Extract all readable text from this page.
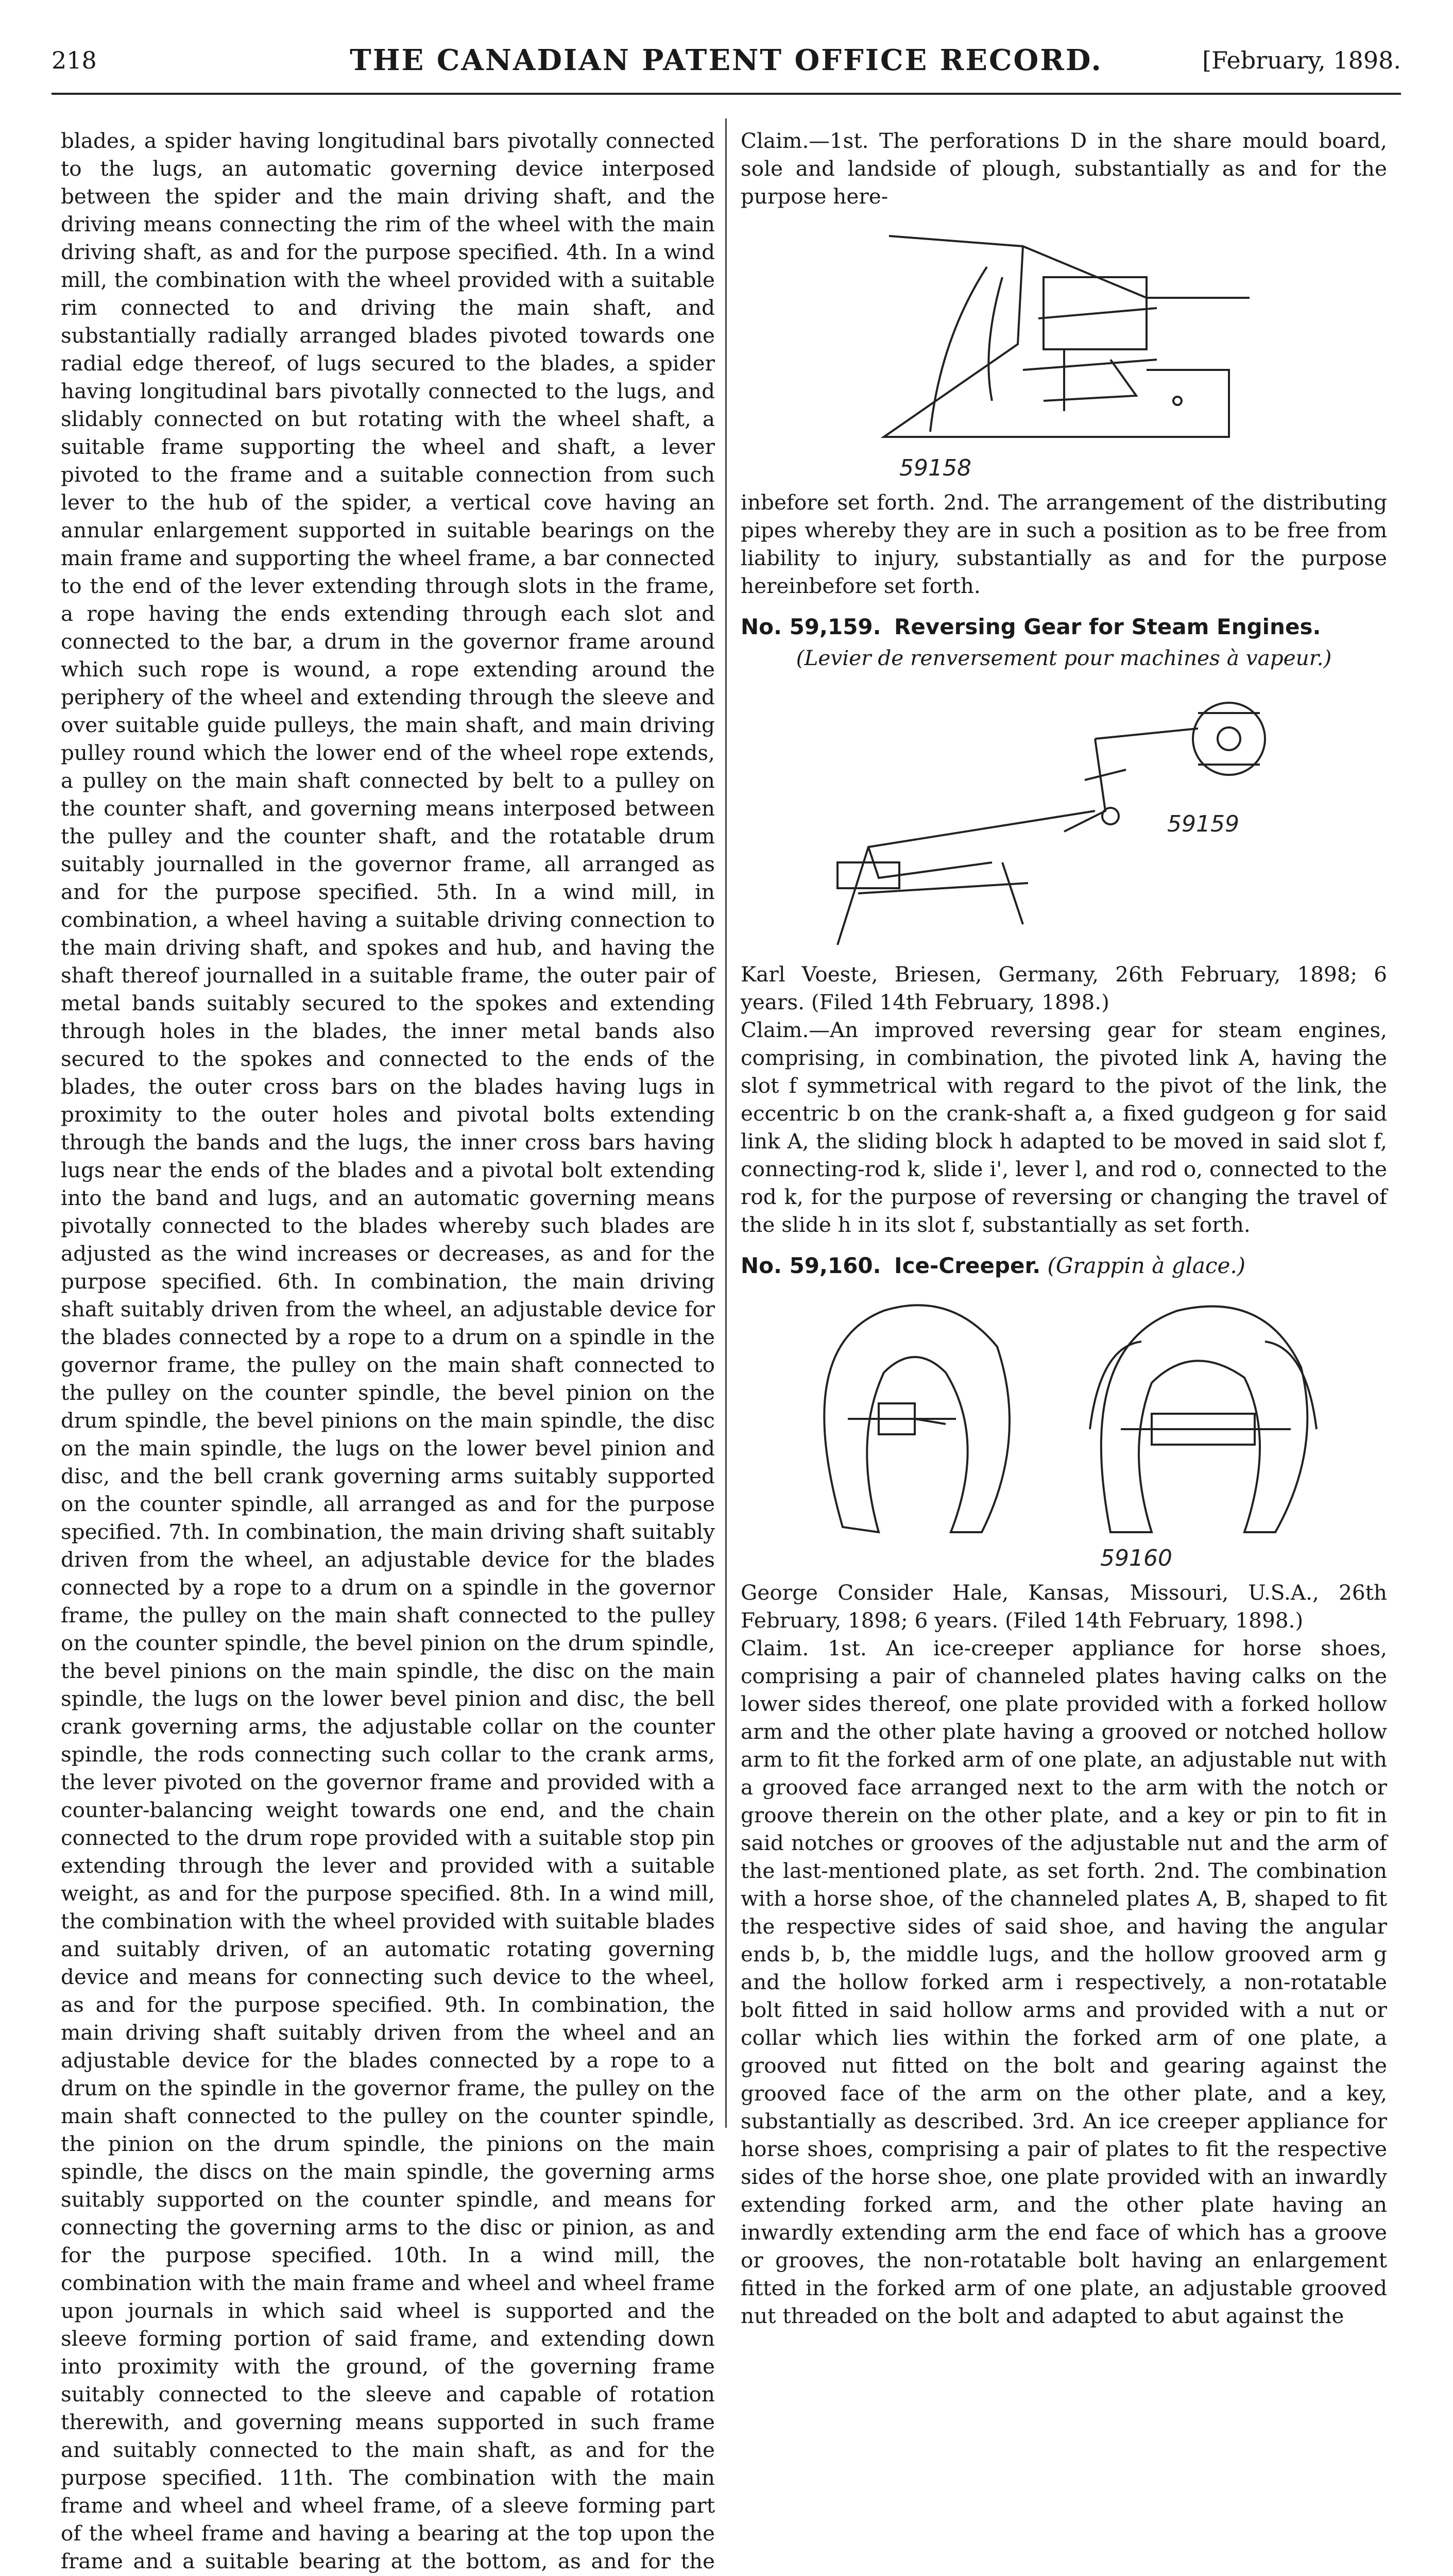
218	THE CANADIAN PATENT OFFICE RECORD.	[February, 1898.

blades, a spider having longitudinal bars pivotally connected to the lugs, an automatic governing device interposed between the spider and the main driving shaft, and the driving means connecting the rim of the wheel with the main driving shaft, as and for the purpose specified. 4th. In a wind mill, the combination with the wheel provided with a suitable rim connected to and driving the main shaft, and substantially radially arranged blades pivoted towards one radial edge thereof, of lugs secured to the blades, a spider having longitudinal bars pivotally connected to the lugs, and slidably connected on but rotating with the wheel shaft, a suitable frame supporting the wheel and shaft, a lever pivoted to the frame and a suitable connection from such lever to the hub of the spider, a vertical cove having an annular enlargement supported in suitable bearings on the main frame and supporting the wheel frame, a bar connected to the end of the lever extending through slots in the frame, a rope having the ends extending through each slot and connected to the bar, a drum in the governor frame around which such rope is wound, a rope extending around the periphery of the wheel and extending through the sleeve and over suitable guide pulleys, the main shaft, and main driving pulley round which the lower end of the wheel rope extends, a pulley on the main shaft connected by belt to a pulley on the counter shaft, and governing means interposed between the pulley and the counter shaft, and the rotatable drum suitably journalled in the governor frame, all arranged as and for the purpose specified. 5th. In a wind mill, in combination, a wheel having a suitable driving connection to the main driving shaft, and spokes and hub, and having the shaft thereof journalled in a suitable frame, the outer pair of metal bands suitably secured to the spokes and extending through holes in the blades, the inner metal bands also secured to the spokes and connected to the ends of the blades, the outer cross bars on the blades having lugs in proximity to the outer holes and pivotal bolts extending through the bands and the lugs, the inner cross bars having lugs near the ends of the blades and a pivotal bolt extending into the band and lugs, and an automatic governing means pivotally connected to the blades whereby such blades are adjusted as the wind increases or decreases, as and for the purpose specified. 6th. In combination, the main driving shaft suitably driven from the wheel, an adjustable device for the blades connected by a rope to a drum on a spindle in the governor frame, the pulley on the main shaft connected to the pulley on the counter spindle, the bevel pinion on the drum spindle, the bevel pinions on the main spindle, the disc on the main spindle, the lugs on the lower bevel pinion and disc, and the bell crank governing arms suitably supported on the counter spindle, all arranged as and for the purpose specified. 7th. In combination, the main driving shaft suitably driven from the wheel, an adjustable device for the blades connected by a rope to a drum on a spindle in the governor frame, the pulley on the main shaft connected to the pulley on the counter spindle, the bevel pinion on the drum spindle, the bevel pinions on the main spindle, the disc on the main spindle, the lugs on the lower bevel pinion and disc, the bell crank governing arms, the adjustable collar on the counter spindle, the rods connecting such collar to the crank arms, the lever pivoted on the governor frame and provided with a counter-balancing weight towards one end, and the chain connected to the drum rope provided with a suitable stop pin extending through the lever and provided with a suitable weight, as and for the purpose specified. 8th. In a wind mill, the combination with the wheel provided with suitable blades and suitably driven, of an automatic rotating governing device and means for connecting such device to the wheel, as and for the purpose specified. 9th. In combination, the main driving shaft suitably driven from the wheel and an adjustable device for the blades connected by a rope to a drum on the spindle in the governor frame, the pulley on the main shaft connected to the pulley on the counter spindle, the pinion on the drum spindle, the pinions on the main spindle, the discs on the main spindle, the governing arms suitably supported on the counter spindle, and means for connecting the governing arms to the disc or pinion, as and for the purpose specified. 10th. In a wind mill, the combination with the main frame and wheel and wheel frame upon journals in which said wheel is supported and the sleeve forming portion of said frame, and extending down into proximity with the ground, of the governing frame suitably connected to the sleeve and capable of rotation therewith, and governing means supported in such frame and suitably connected to the main shaft, as and for the purpose specified. 11th. The combination with the main frame and wheel and wheel frame, of a sleeve forming part of the wheel frame and having a bearing at the top upon the frame and a suitable bearing at the bottom, as and for the

Claim.—1st. The perforations D in the share mould board, sole and landside of plough, substantially as and for the purpose here-

59158

inbefore set forth. 2nd. The arrangement of the distributing pipes whereby they are in such a position as to be free from liability to injury, substantially as and for the purpose hereinbefore set forth.

No. 59,159. Reversing Gear for Steam Engines.
(Levier de renversement pour machines à vapeur.)
59159

Karl Voeste, Briesen, Germany, 26th February, 1898; 6 years. (Filed 14th February, 1898.)

Claim.—An improved reversing gear for steam engines, comprising, in combination, the pivoted link A, having the slot f symmetrical with regard to the pivot of the link, the eccentric b on the crank-shaft a, a fixed gudgeon g for said link A, the sliding block h adapted to be moved in said slot f, connecting-rod k, slide i', lever l, and rod o, connected to the rod k, for the purpose of reversing or changing the travel of the slide h in its slot f, substantially as set forth.

No. 59,160. Ice-Creeper. (Grappin à glace.)
59160

George Consider Hale, Kansas, Missouri, U.S.A., 26th February, 1898; 6 years. (Filed 14th February, 1898.)

Claim. 1st. An ice-creeper appliance for horse shoes, comprising a pair of channeled plates having calks on the lower sides thereof, one plate provided with a forked hollow arm and the other plate having a grooved or notched hollow arm to fit the forked arm of one plate, an adjustable nut with a grooved face arranged next to the arm with the notch or groove therein on the other plate, and a key or pin to fit in said notches or grooves of the adjustable nut and the arm of the last-mentioned plate, as set forth. 2nd. The combination with a horse shoe, of the channeled plates A, B, shaped to fit the respective sides of said shoe, and having the angular ends b, b, the middle lugs, and the hollow grooved arm g and the hollow forked arm i respectively, a non-rotatable bolt fitted in said hollow arms and provided with a nut or collar which lies within the forked arm of one plate, a grooved nut fitted on the bolt and gearing against the grooved face of the arm on the other plate, and a key, substantially as described. 3rd. An ice creeper appliance for horse shoes, comprising a pair of plates to fit the respective sides of the horse shoe, one plate provided with an inwardly extending forked arm, and the other plate having an inwardly extending arm the end face of which has a groove or grooves, the non-rotatable bolt having an enlargement fitted in the forked arm of one plate, an adjustable grooved nut threaded on the bolt and adapted to abut against the
